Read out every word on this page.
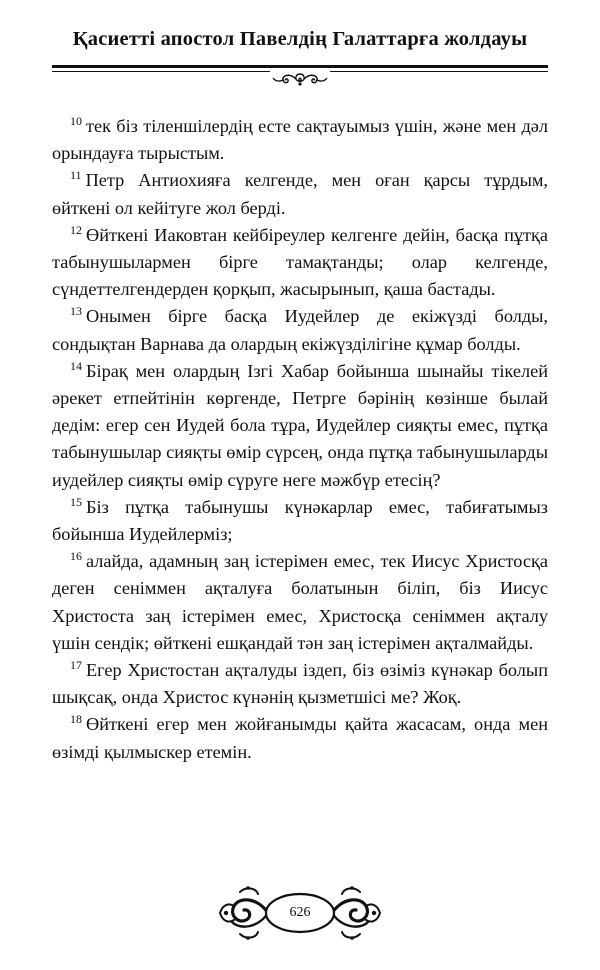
Қасиетті апостол Павелдің Галаттарға жолдауы

$^{10}$ тек біз тіленшілердің есте сақтауымыз үшін, және мен дəл орындауға тырыстым.

$^{11}$ Петр Антиохияға келгенде, мен оған қарсы тұрдым, өйткені ол кейітуге жол берді.

$^{12}$ Өйткені Иаковтан кейбіреулер келгенге дейін, басқа пұтқа табынушылармен бірге тамақтанды; олар келгенде, сүндеттелгендерден қорқып, жасырынып, қаша бастады.

$^{13}$ Онымен бірге басқа Иудейлер де екіжүзді болды, сондықтан Варнава да олардың екіжүзділігіне құмар болды.

$^{14}$ Бірақ мен олардың Ізгі Хабар бойынша шынайы тікелей əрекет етпейтінін көргенде, Петрге бəрінің көзінше былай дедім: егер сен Иудей бола тұра, Иудейлер сияқты емес, пұтқа табынушылар сияқты өмір сүрсең, онда пұтқа табынушыларды иудейлер сияқты өмір сүруге неге мəжбүр етесің?

$^{15}$ Біз пұтқа табынушы күнəкарлар емес, табиғатымыз бойынша Иудейлерміз;

$^{16}$ алайда, адамның заң істерімен емес, тек Иисус Христосқа деген сеніммен ақталуға болатынын біліп, біз Иисус Христоста заң істерімен емес, Христосқа сеніммен ақталу үшін сендік; өйткені ешқандай тəн заң істерімен ақталмайды.

$^{17}$ Егер Христостан ақталуды іздеп, біз өзіміз күнəкар болып шықсақ, онда Христос күнəнің қызметшісі ме? Жоқ.

$^{18}$ Өйткені егер мен жойғанымды қайта жасасам, онда мен өзімді қылмыскер етемін.

626
